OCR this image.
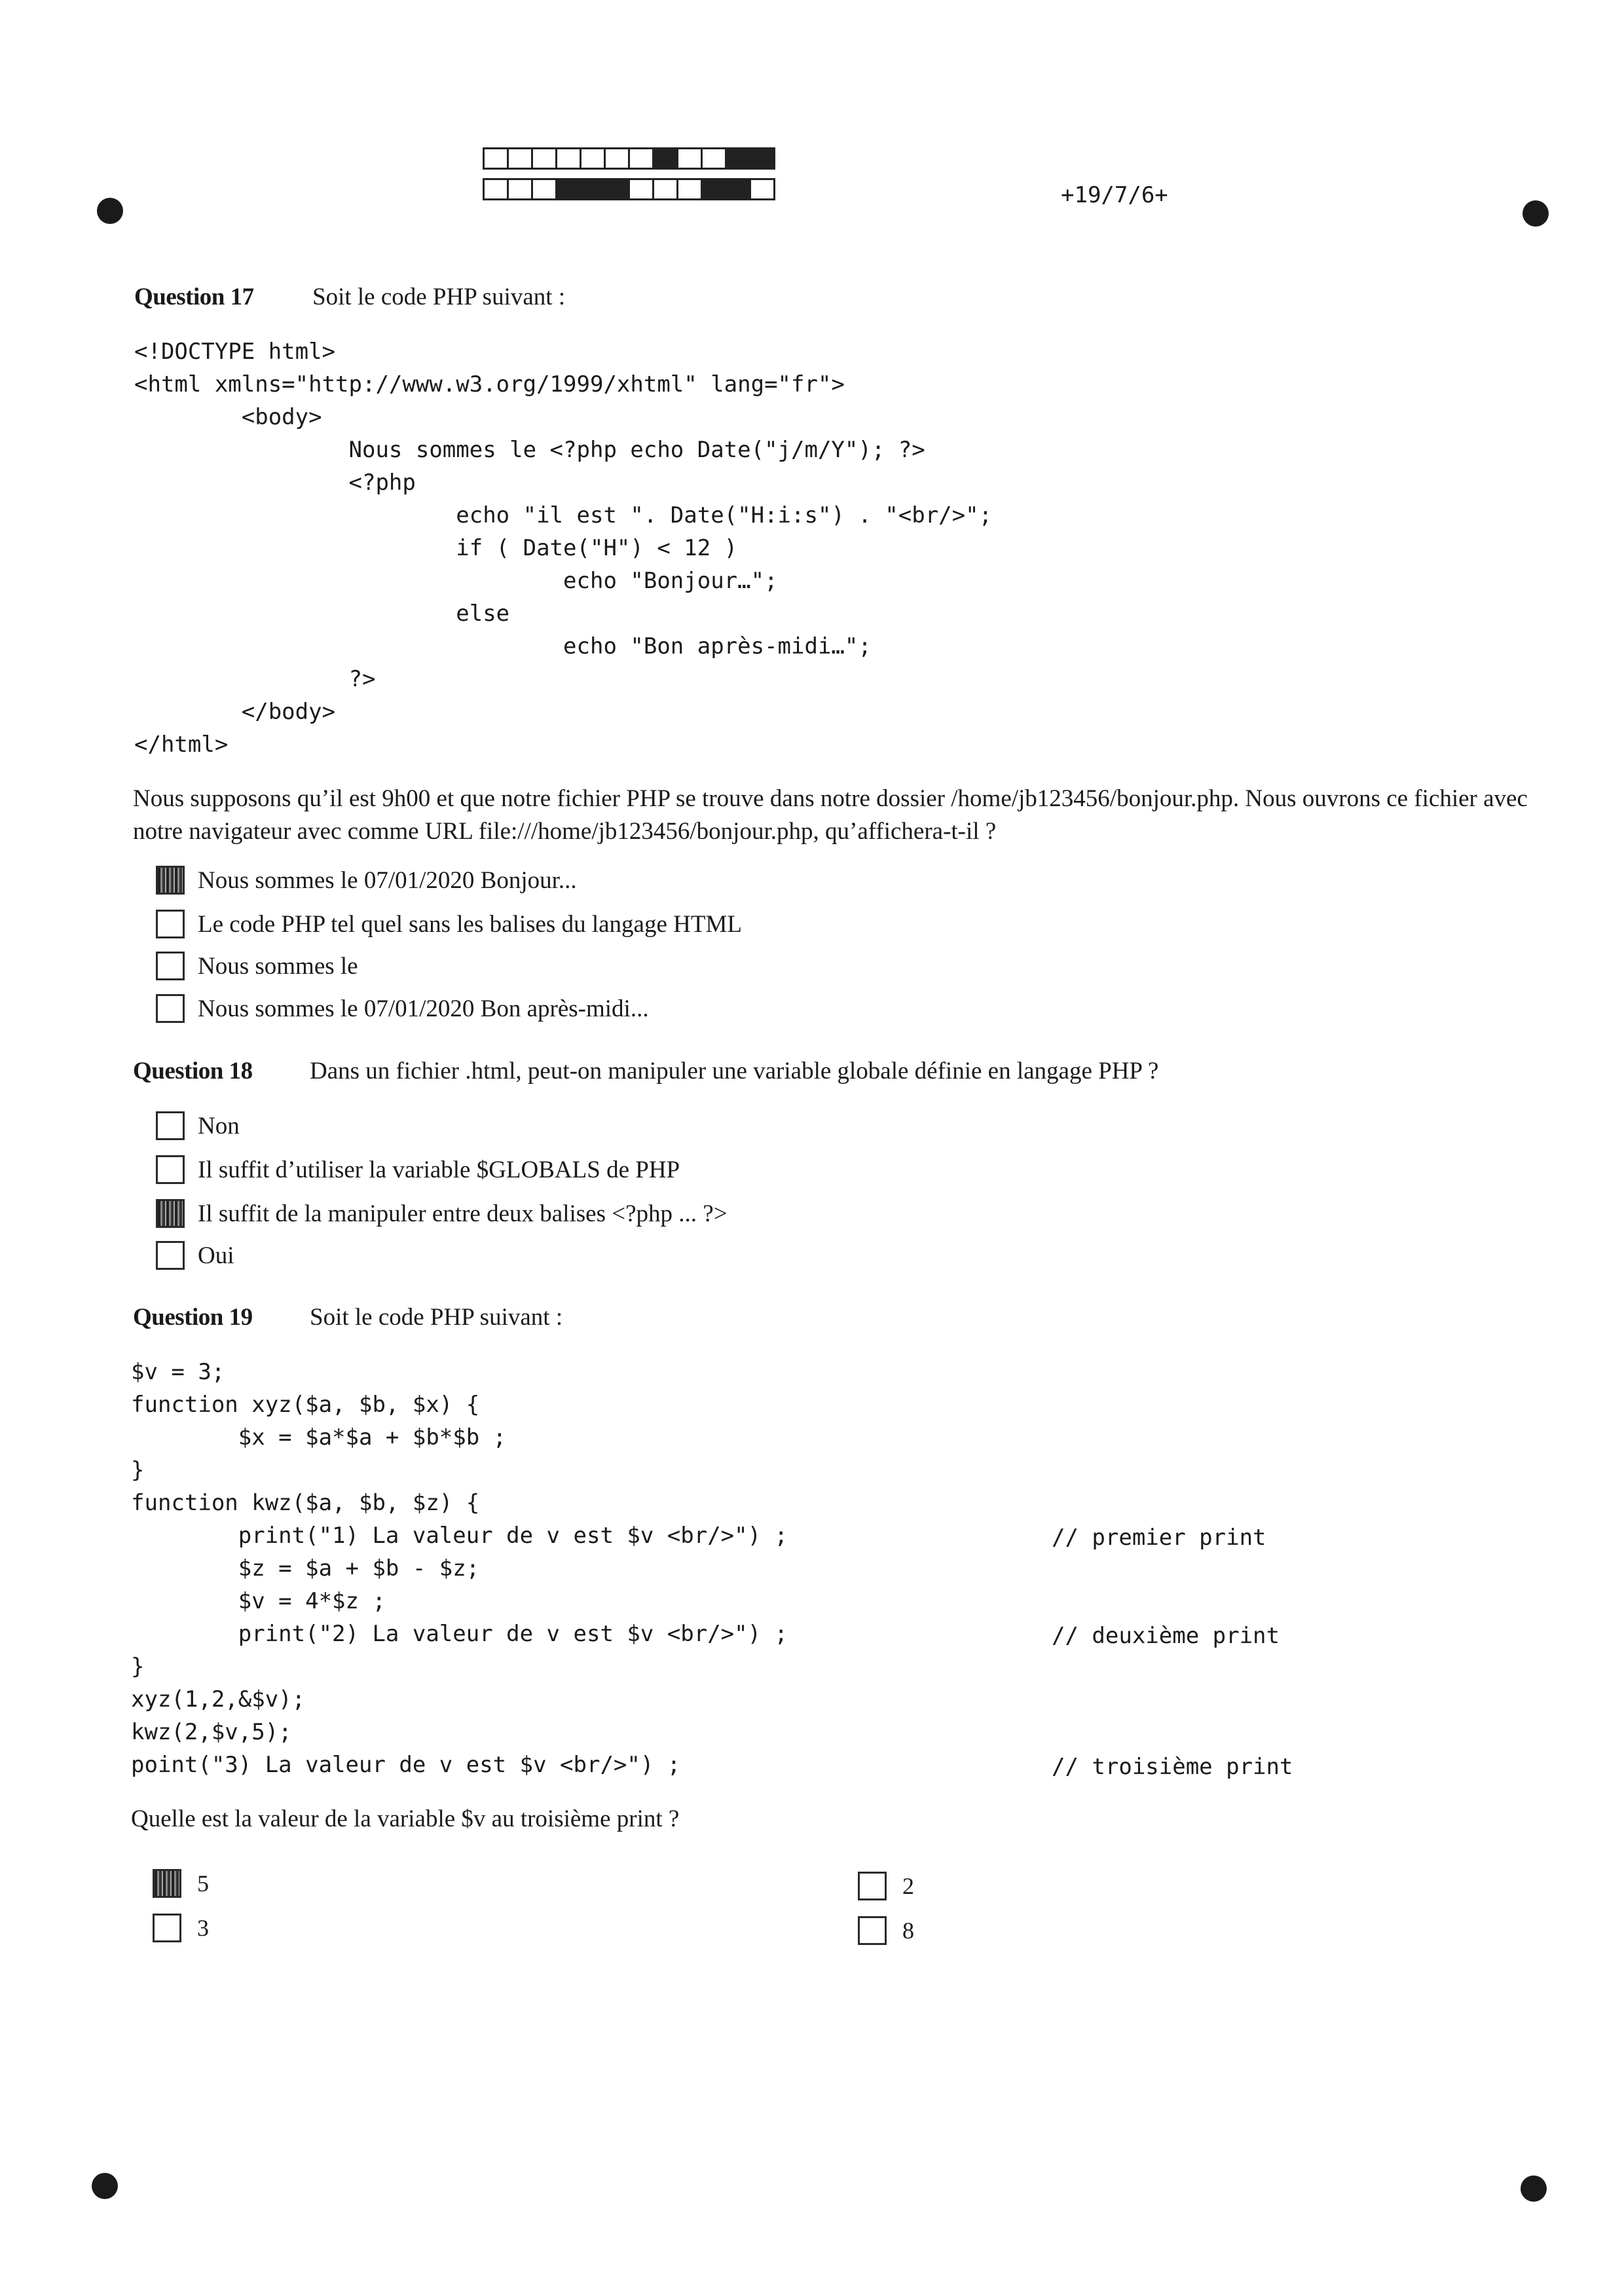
+19/7/6+
Question 17 Soit le code PHP suivant :
<!DOCTYPE html>
<html xmlns="http://www.w3.org/1999/xhtml" lang="fr">
<body>
Nous sommes le <?php echo Date("j/m/Y"); ?>
<?php
echo "il est ". Date("H:i:s") . "<br/>";
if ( Date("H") < 12 )
echo "Bonjour…";
else
echo "Bon après-midi…";
?>
</body>
</html>
Nous supposons qu’il est 9h00 et que notre fichier PHP se trouve dans notre dossier /home/jb123456/bonjour.php. Nous ouvrons ce fichier avec notre navigateur avec comme URL file:///home/jb123456/bonjour.php, qu’affichera-t-il ?
Nous sommes le 07/01/2020 Bonjour...
Le code PHP tel quel sans les balises du langage HTML
Nous sommes le
Nous sommes le 07/01/2020 Bon après-midi...
Question 18 Dans un fichier .html, peut-on manipuler une variable globale définie en langage PHP ?
Non
Il suffit d’utiliser la variable $GLOBALS de PHP
Il suffit de la manipuler entre deux balises <?php ... ?>
Oui
Question 19 Soit le code PHP suivant :
$v = 3;
function xyz($a, $b, $x) {
$x = $a*$a + $b*$b ;
}
function kwz($a, $b, $z) {
print("1) La valeur de v est $v <br/>") ;
$z = $a + $b - $z;
$v = 4*$z ;
print("2) La valeur de v est $v <br/>") ;
}
xyz(1,2,&$v);
kwz(2,$v,5);
point("3) La valeur de v est $v <br/>") ;
// premier print
// deuxième print
// troisième print
Quelle est la valeur de la variable $v au troisième print ?
5	2
3	8
